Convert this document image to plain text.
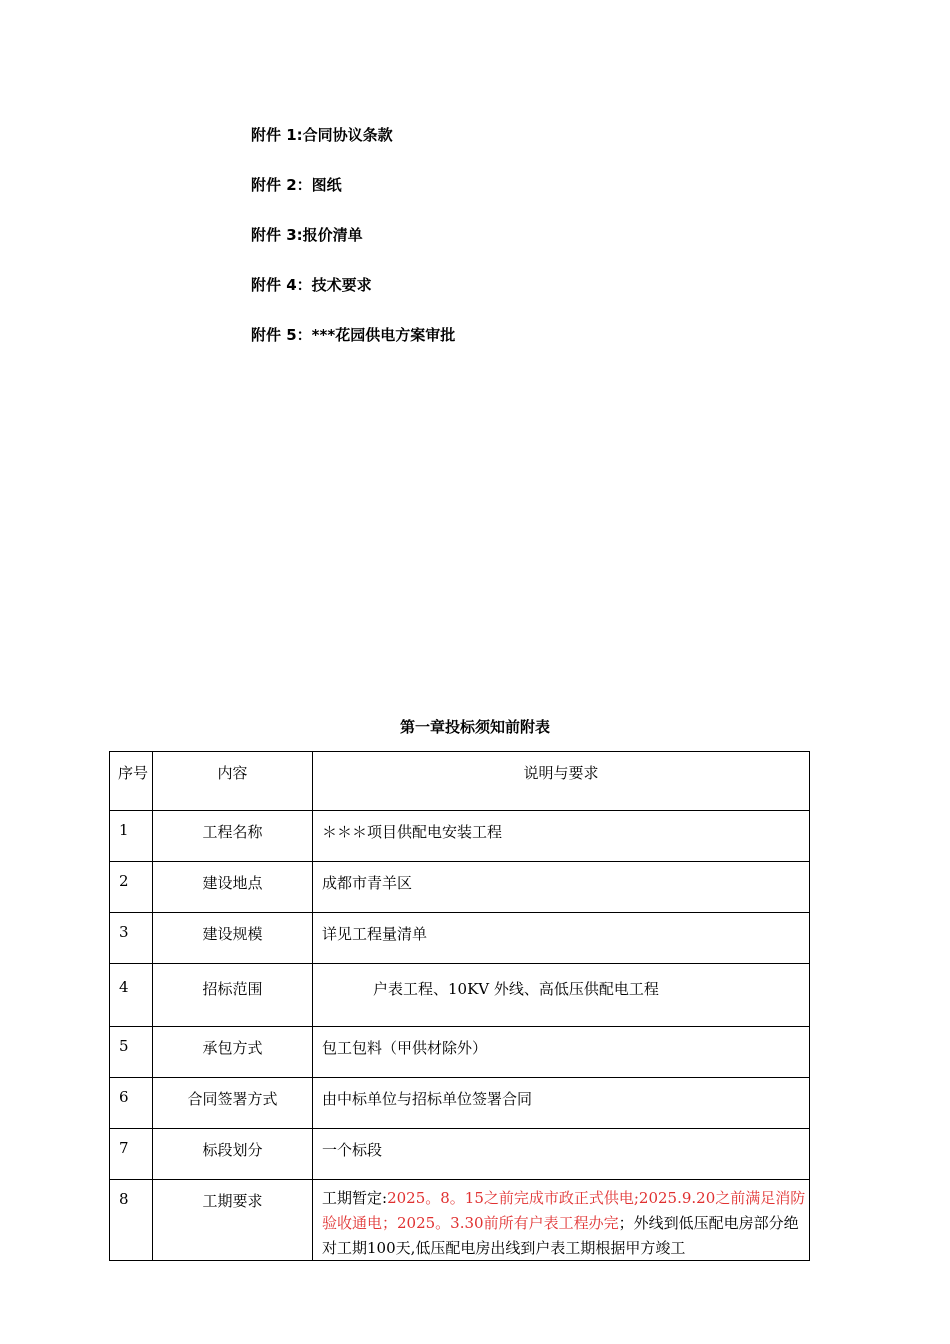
附件 1:合同协议条款
附件 2：图纸
附件 3:报价清单
附件 4：技术要求
附件 5：***花园供电方案审批
第一章投标须知前附表
序号	内容	说明与要求
1	工程名称	＊＊＊项目供配电安装工程
2	建设地点	成都市青羊区
3	建设规模	详见工程量清单
4	招标范围	户表工程、10KV 外线、高低压供配电工程
5	承包方式	包工包料（甲供材除外）
6	合同签署方式	由中标单位与招标单位签署合同
7	标段划分	一个标段
8	工期要求	工期暂定:2025。8。15之前完成市政正式供电;2025.9.20之前满足消防验收通电；2025。3.30前所有户表工程办完；外线到低压配电房部分绝对工期100天,低压配电房出线到户表工期根据甲方竣工
